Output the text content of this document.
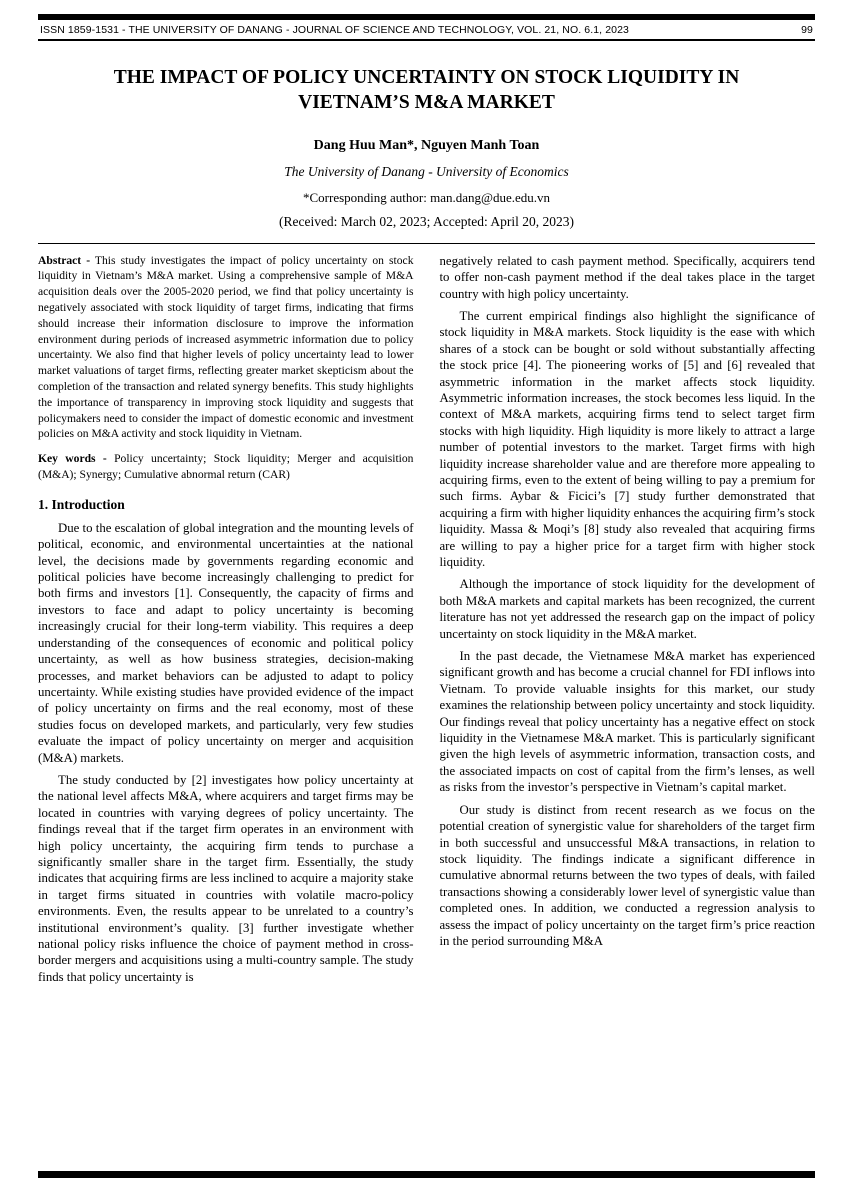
ISSN 1859-1531 - THE UNIVERSITY OF DANANG - JOURNAL OF SCIENCE AND TECHNOLOGY, VOL. 21, NO. 6.1, 2023	99
THE IMPACT OF POLICY UNCERTAINTY ON STOCK LIQUIDITY IN VIETNAM’S M&A MARKET
Dang Huu Man*, Nguyen Manh Toan
The University of Danang - University of Economics
*Corresponding author: man.dang@due.edu.vn
(Received: March 02, 2023; Accepted: April 20, 2023)

Abstract - This study investigates the impact of policy uncertainty on stock liquidity in Vietnam’s M&A market. Using a comprehensive sample of M&A acquisition deals over the 2005-2020 period, we find that policy uncertainty is negatively associated with stock liquidity of target firms, indicating that firms should increase their information disclosure to improve the information environment during periods of increased asymmetric information due to policy uncertainty. We also find that higher levels of policy uncertainty lead to lower market valuations of target firms, reflecting greater market skepticism about the completion of the transaction and related synergy benefits. This study highlights the importance of transparency in improving stock liquidity and suggests that policymakers need to consider the impact of domestic economic and investment policies on M&A activity and stock liquidity in Vietnam.

Key words - Policy uncertainty; Stock liquidity; Merger and acquisition (M&A); Synergy; Cumulative abnormal return (CAR)

1. Introduction

Due to the escalation of global integration and the mounting levels of political, economic, and environmental uncertainties at the national level, the decisions made by governments regarding economic and political policies have become increasingly challenging to predict for both firms and investors [1]. Consequently, the capacity of firms and investors to face and adapt to policy uncertainty is becoming increasingly crucial for their long-term viability. This requires a deep understanding of the consequences of economic and political policy uncertainty, as well as how business strategies, decision-making processes, and market behaviors can be adjusted to adapt to policy uncertainty. While existing studies have provided evidence of the impact of policy uncertainty on firms and the real economy, most of these studies focus on developed markets, and particularly, very few studies evaluate the impact of policy uncertainty on merger and acquisition (M&A) markets.

The study conducted by [2] investigates how policy uncertainty at the national level affects M&A, where acquirers and target firms may be located in countries with varying degrees of policy uncertainty. The findings reveal that if the target firm operates in an environment with high policy uncertainty, the acquiring firm tends to purchase a significantly smaller share in the target firm. Essentially, the study indicates that acquiring firms are less inclined to acquire a majority stake in target firms situated in countries with volatile macro-policy environments. Even, the results appear to be unrelated to a country’s institutional environment’s quality. [3] further investigate whether national policy risks influence the choice of payment method in cross-border mergers and acquisitions using a multi-country sample. The study finds that policy uncertainty is

negatively related to cash payment method. Specifically, acquirers tend to offer non-cash payment method if the deal takes place in the target country with high policy uncertainty.

The current empirical findings also highlight the significance of stock liquidity in M&A markets. Stock liquidity is the ease with which shares of a stock can be bought or sold without substantially affecting the stock price [4]. The pioneering works of [5] and [6] revealed that asymmetric information in the market affects stock liquidity. Asymmetric information increases, the stock becomes less liquid. In the context of M&A markets, acquiring firms tend to select target firm stocks with high liquidity. High liquidity is more likely to attract a large number of potential investors to the market. Target firms with high liquidity increase shareholder value and are therefore more appealing to acquiring firms, even to the extent of being willing to pay a premium for such firms. Aybar & Ficici’s [7] study further demonstrated that acquiring a firm with higher liquidity enhances the acquiring firm’s stock liquidity. Massa & Moqi’s [8] study also revealed that acquiring firms are willing to pay a higher price for a target firm with higher stock liquidity.

Although the importance of stock liquidity for the development of both M&A markets and capital markets has been recognized, the current literature has not yet addressed the research gap on the impact of policy uncertainty on stock liquidity in the M&A market.

In the past decade, the Vietnamese M&A market has experienced significant growth and has become a crucial channel for FDI inflows into Vietnam. To provide valuable insights for this market, our study examines the relationship between policy uncertainty and stock liquidity. Our findings reveal that policy uncertainty has a negative effect on stock liquidity in the Vietnamese M&A market. This is particularly significant given the high levels of asymmetric information, transaction costs, and the associated impacts on cost of capital from the firm’s lenses, as well as risks from the investor’s perspective in Vietnam’s capital market.

Our study is distinct from recent research as we focus on the potential creation of synergistic value for shareholders of the target firm in both successful and unsuccessful M&A transactions, in relation to stock liquidity. The findings indicate a significant difference in cumulative abnormal returns between the two types of deals, with failed transactions showing a considerably lower level of synergistic value than completed ones. In addition, we conducted a regression analysis to assess the impact of policy uncertainty on the target firm’s price reaction in the period surrounding M&A
